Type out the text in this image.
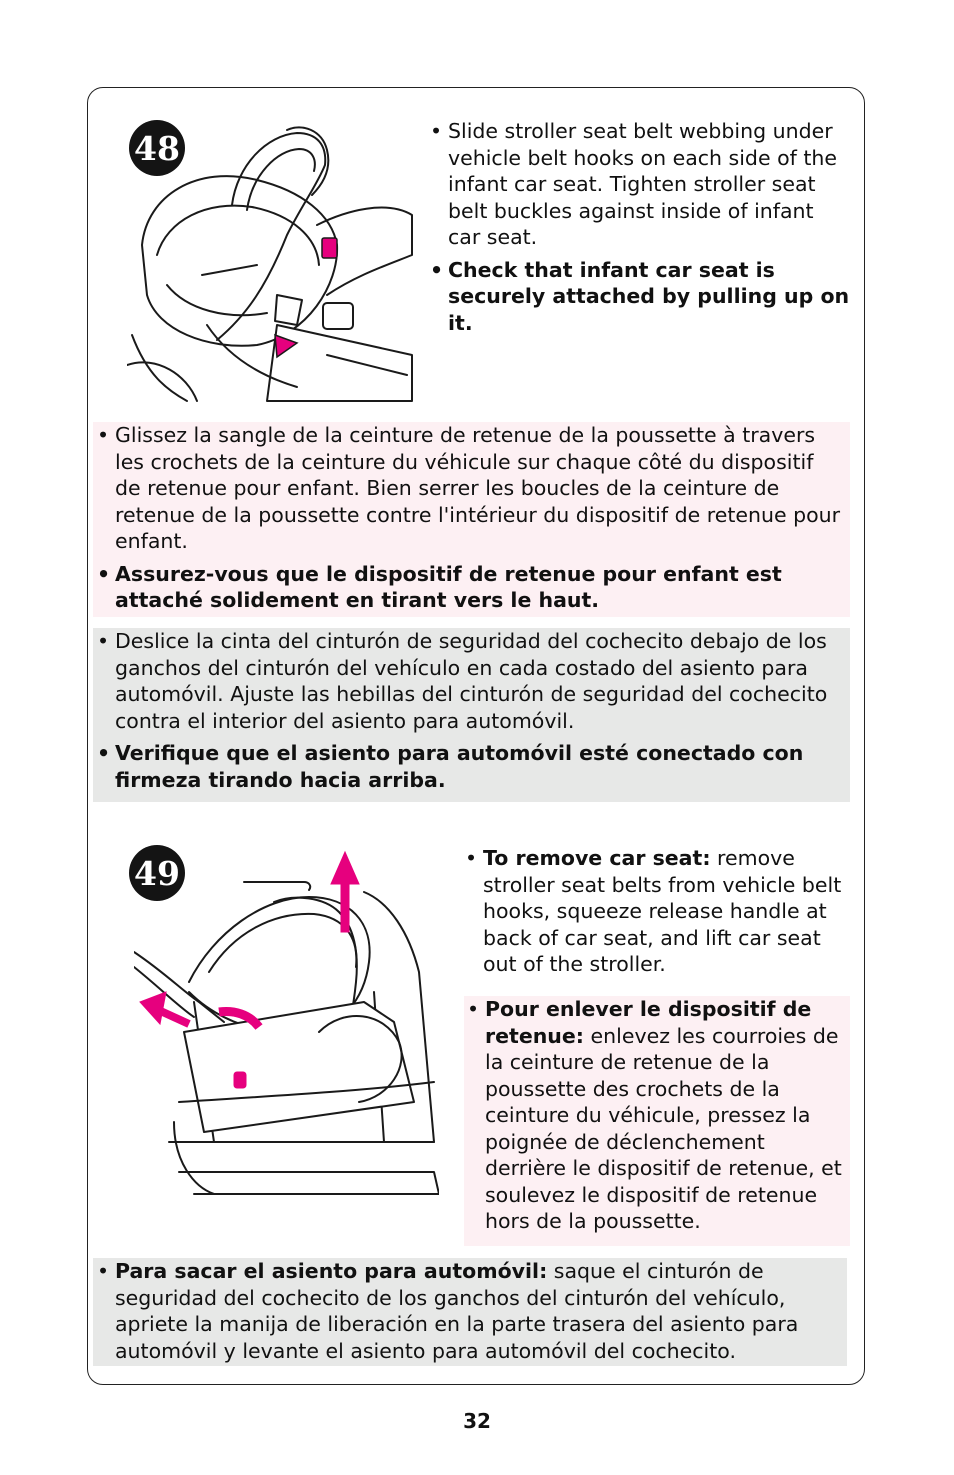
48	• Slide stroller seat belt webbing under vehicle belt hooks on each side of the infant car seat. Tighten stroller seat belt buckles against inside of infant car seat.

• Check that infant car seat is securely attached by pulling up on it.

• Glissez la sangle de la ceinture de retenue de la poussette à travers les crochets de la ceinture du véhicule sur chaque côté du dispositif de retenue pour enfant. Bien serrer les boucles de la ceinture de retenue de la poussette contre l'intérieur du dispositif de retenue pour enfant.

• Assurez-vous que le dispositif de retenue pour enfant est attaché solidement en tirant vers le haut.

• Deslice la cinta del cinturón de seguridad del cochecito debajo de los ganchos del cinturón del vehículo en cada costado del asiento para automóvil. Ajuste las hebillas del cinturón de seguridad del cochecito contra el interior del asiento para automóvil.

• Verifique que el asiento para automóvil esté conectado con firmeza tirando hacia arriba.

49	• To remove car seat: remove stroller seat belts from vehicle belt hooks, squeeze release handle at back of car seat, and lift car seat out of the stroller.

• Pour enlever le dispositif de retenue: enlevez les courroies de la ceinture de retenue de la poussette des crochets de la ceinture du véhicule, pressez la poignée de déclenchement derrière le dispositif de retenue, et soulevez le dispositif de retenue hors de la poussette.

• Para sacar el asiento para automóvil: saque el cinturón de seguridad del cochecito de los ganchos del cinturón del vehículo, apriete la manija de liberación en la parte trasera del asiento para automóvil y levante el asiento para automóvil del cochecito.

32
